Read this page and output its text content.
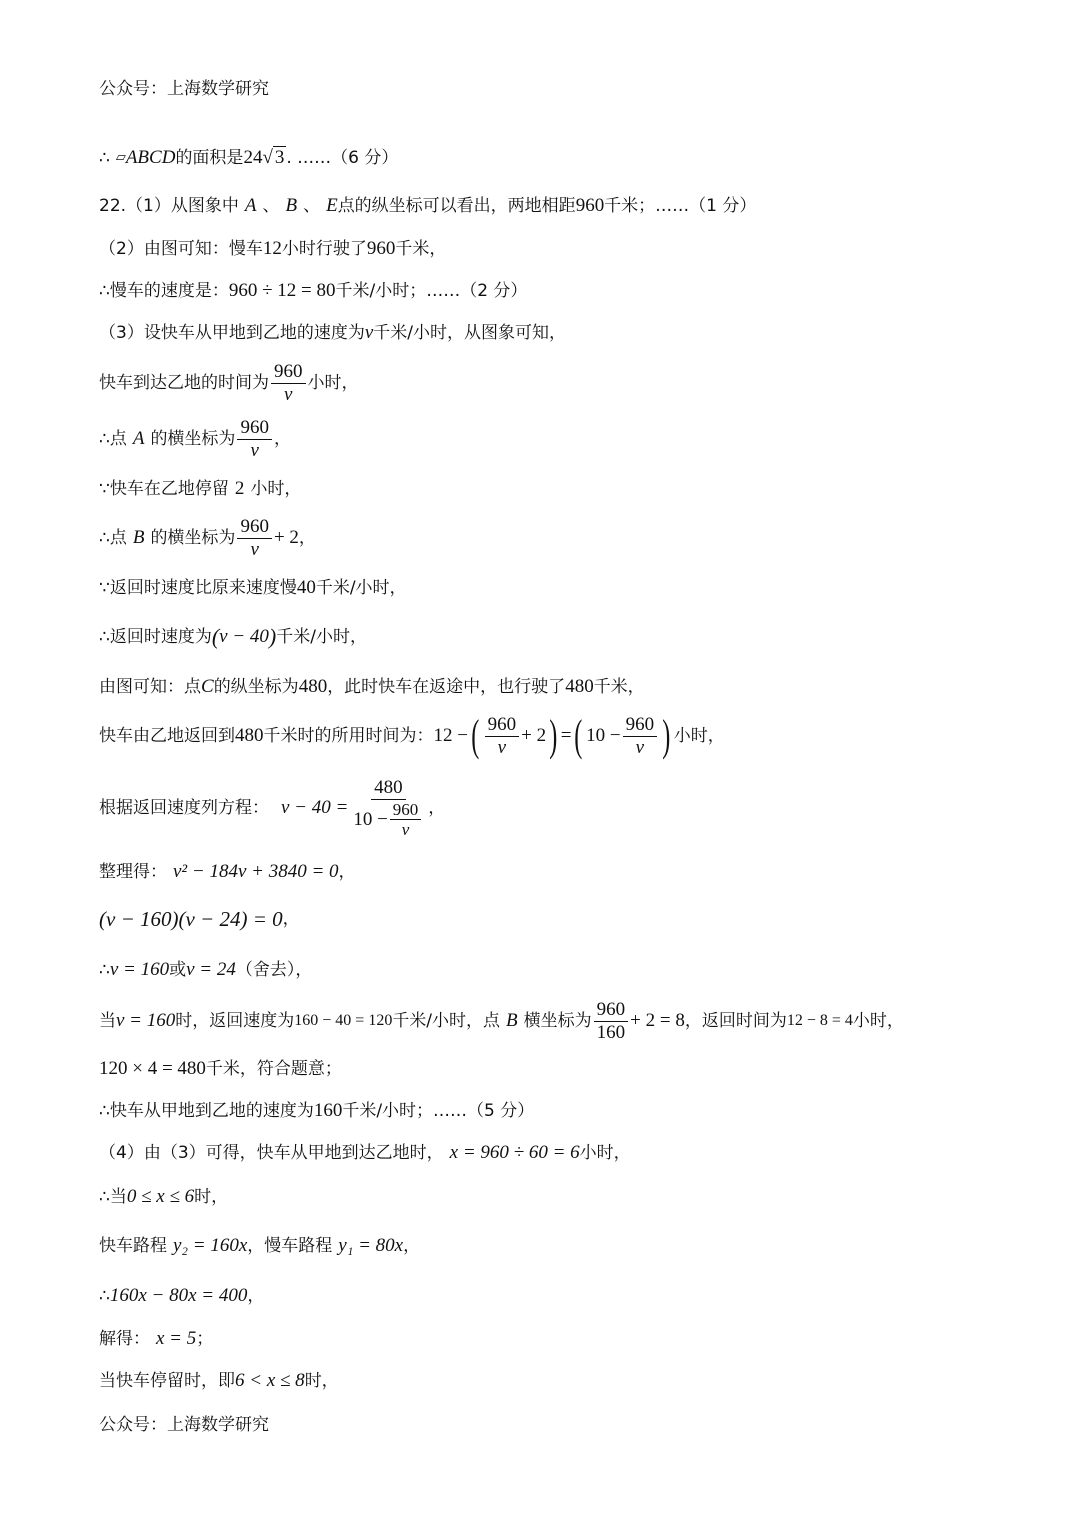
公众号：上海数学研究
∴ ▱ ABCD 的面积是 24 √ 3 . ……（6 分）
22.（1）从图象中 A 、 B 、 E 点的纵坐标可以看出，两地相距 960 千米；……（1 分）
（2）由图可知：慢车 12 小时行驶了 960 千米，
∴慢车的速度是： 960 ÷ 12 = 80 千米/小时；……（2 分）
（3）设快车从甲地到乙地的速度为 v 千米/小时，从图象可知，
快车到达乙地的时间为 $\frac{960}{v}$ 小时，
∴点 A 的横坐标为 $\frac{960}{v}$ ，
∵快车在乙地停留 2 小时，
∴点 B 的横坐标为 $\frac{960}{v} + 2$ ，
∵返回时速度比原来速度慢 40 千米/小时，
∴返回时速度为 ( v − 40 ) 千米/小时，
由图可知：点 C 的纵坐标为 480 ，此时快车在返途中，也行驶了 480 千米，
快车由乙地返回到 480 千米时的所用时间为： 12 − ( $\frac{960}{v} + 2$ ) = ( $10 - \frac{960}{v}$ ) 小时，
根据返回速度列方程： $v - 40 = \frac{480}{10 - \frac{960}{v}}$ ，
整理得： v² − 184v + 3840 = 0 ，
(v − 160)(v − 24) = 0 ，
∴ v = 160 或 v = 24 （舍去），
当 v = 160 时，返回速度为 160 − 40 = 120 千米/小时，点 B 横坐标为 $\frac{960}{160} + 2 = 8$ ，返回时间为 12 − 8 = 4 小时，
120 × 4 = 480 千米，符合题意；
∴快车从甲地到乙地的速度为 160 千米/小时；……（5 分）
（4）由（3）可得，快车从甲地到达乙地时， x = 960 ÷ 60 = 6 小时，
∴当 0 ≤ x ≤ 6 时，
快车路程 y₂ = 160x ，慢车路程 y₁ = 80x ，
∴ 160x − 80x = 400 ，
解得： x = 5 ；
当快车停留时，即 6 < x ≤ 8 时，
公众号：上海数学研究
